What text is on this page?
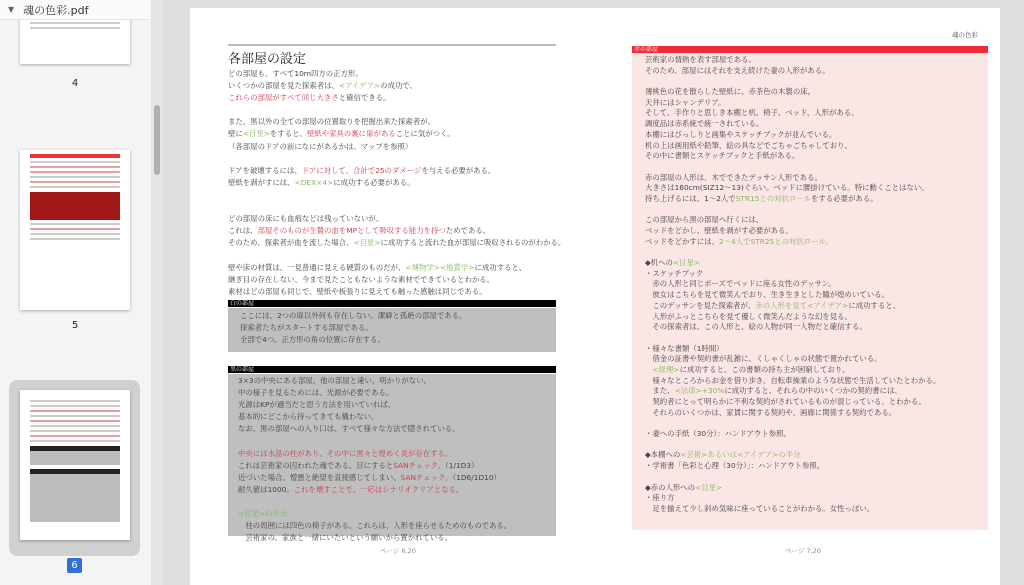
▼ 魂の色彩.pdf
4
5
6
各部屋の設定
どの部屋も、すべて10m四方の正方形。
いくつかの部屋を見た探索者は、<アイデア>の成功で、
これらの部屋がすべて同じ大きさと確信できる。
また、黒以外の全ての部屋の位置取りを把握出来た探索者が、
壁に<目星>をすると、壁紙や家具の裏に扉があることに気がつく。
（各部屋のドアの前になにがあるかは、マップを参照）
ドアを破壊するには、ドアに対して、合計で25のダメージを与える必要がある。
壁紙を剥がすには、<DEX×4>に成功する必要がある。
どの部屋の床にも血痕などは残っていないが、
これは、部屋そのものが生贄の血をMPとして吸収する能力を持つためである。
そのため、探索者が血を流した場合、<目星>に成功すると流れた血が部屋に吸収されるのがわかる。
壁や床の材質は、一見普通に見える硬質のものだが、<博物学><地質学>に成功すると、
継ぎ目の存在しない、今まで見たこともないような素材でできているとわかる。
素材はどの部屋も同じで、壁紙や板張りに見えても触った感触は同じである。
白の部屋
ここには、2つの扉以外何も存在しない。潔癖と孤絶の部屋である。
探索者たちがスタートする部屋である。
全部で4つ、正方形の角の位置に存在する。
黒の部屋
3×3の中央にある部屋。他の部屋と違い、明かりがない。
中の様子を見るためには、光源が必要である。
光源はKPが適当だと思う方法を用いていれば、
基本的にどこから持ってきても構わない。
なお、黒の部屋への入り口は、すべて様々な方法で隠されている。
中央には水晶の柱があり、その中に黒々と煌めく炎が存在する。
これは芸術家の囚われた魂である。目にするとSANチェック。（1/1D3）
近づいた場合、憎悪と絶望を直接感じてしまい、SANチェック。（1D6/1D10）
耐久値は1000。これを壊すことで、一応はシナリオクリアとなる。
<目星>の半分
　柱の周囲には四色の椅子がある。これらは、人形を座らせるためのものである。
　芸術家の、家族と一緒にいたいという願いから置かれている。
ページ 6,20
魂の色彩
赤の部屋
芸術家の情熱を表す部屋である。
そのため、部屋にはそれを支え続けた妻の人形がある。
薄桃色の花を散らした壁紙に、赤茶色の木製の床。
天井にはシャンデリア。
そして、手作りと思しき本棚と机、椅子、ベッド、人形がある。
調度品は赤系統で統一されている。
本棚にはびっしりと画集やスケッチブックが並んでいる。
机の上は画用紙や鉛筆、絵の具などでごちゃごちゃしており、
その中に書類とスケッチブックと手紙がある。
赤の部屋の人形は、木でできたデッサン人形である。
大きさは160cm(SIZ12～13)ぐらい。ベッドに腰掛けている。特に動くことはない。
持ち上げるには、1～2人でSTR15との対抗ロールをする必要がある。
この部屋から黒の部屋へ行くには、
ベッドをどかし、壁紙を剥がす必要がある。
ベッドをどかすには、2～4人でSTR25との対抗ロール。
◆机への<目星>
・スケッチブック
　赤の人形と同じポーズでベッドに座る女性のデッサン。
　彼女はこちらを見て微笑んでおり、生き生きとした瞳が煌めいている。
　このデッサンを見た探索者が、赤の人形を見て<アイデア>に成功すると、
　人形がふっとこちらを見て優しく微笑んだような幻を見る。
　その探索者は、この人形と、絵の人物が同一人物だと確信する。
・様々な書類（1時間）
　借金の証書や契約書が乱雑に、くしゃくしゃの状態で置かれている。
　<経理>に成功すると、この書類の持ち主が困窮しており、
　様々なところからお金を借り歩き、自転車操業のような状態で生活していたとわかる。
　また、<法律>+30%に成功すると、それらの中のいくつかの契約書には、
　契約者にとって明らかに不利な契約がされているものが混じっている、とわかる。
　それらのいくつかは、家賃に関する契約や、画廊に関係する契約である。
・妻への手紙（30分）：ハンドアウト参照。
◆本棚への<芸術>あるいは<アイデア>の半分
・学術書「色彩と心理（30分）」：ハンドアウト参照。
◆赤の人形への<目星>
・座り方
　足を揃えて少し斜め気味に座っていることがわかる。女性っぽい。
ページ 7,20
